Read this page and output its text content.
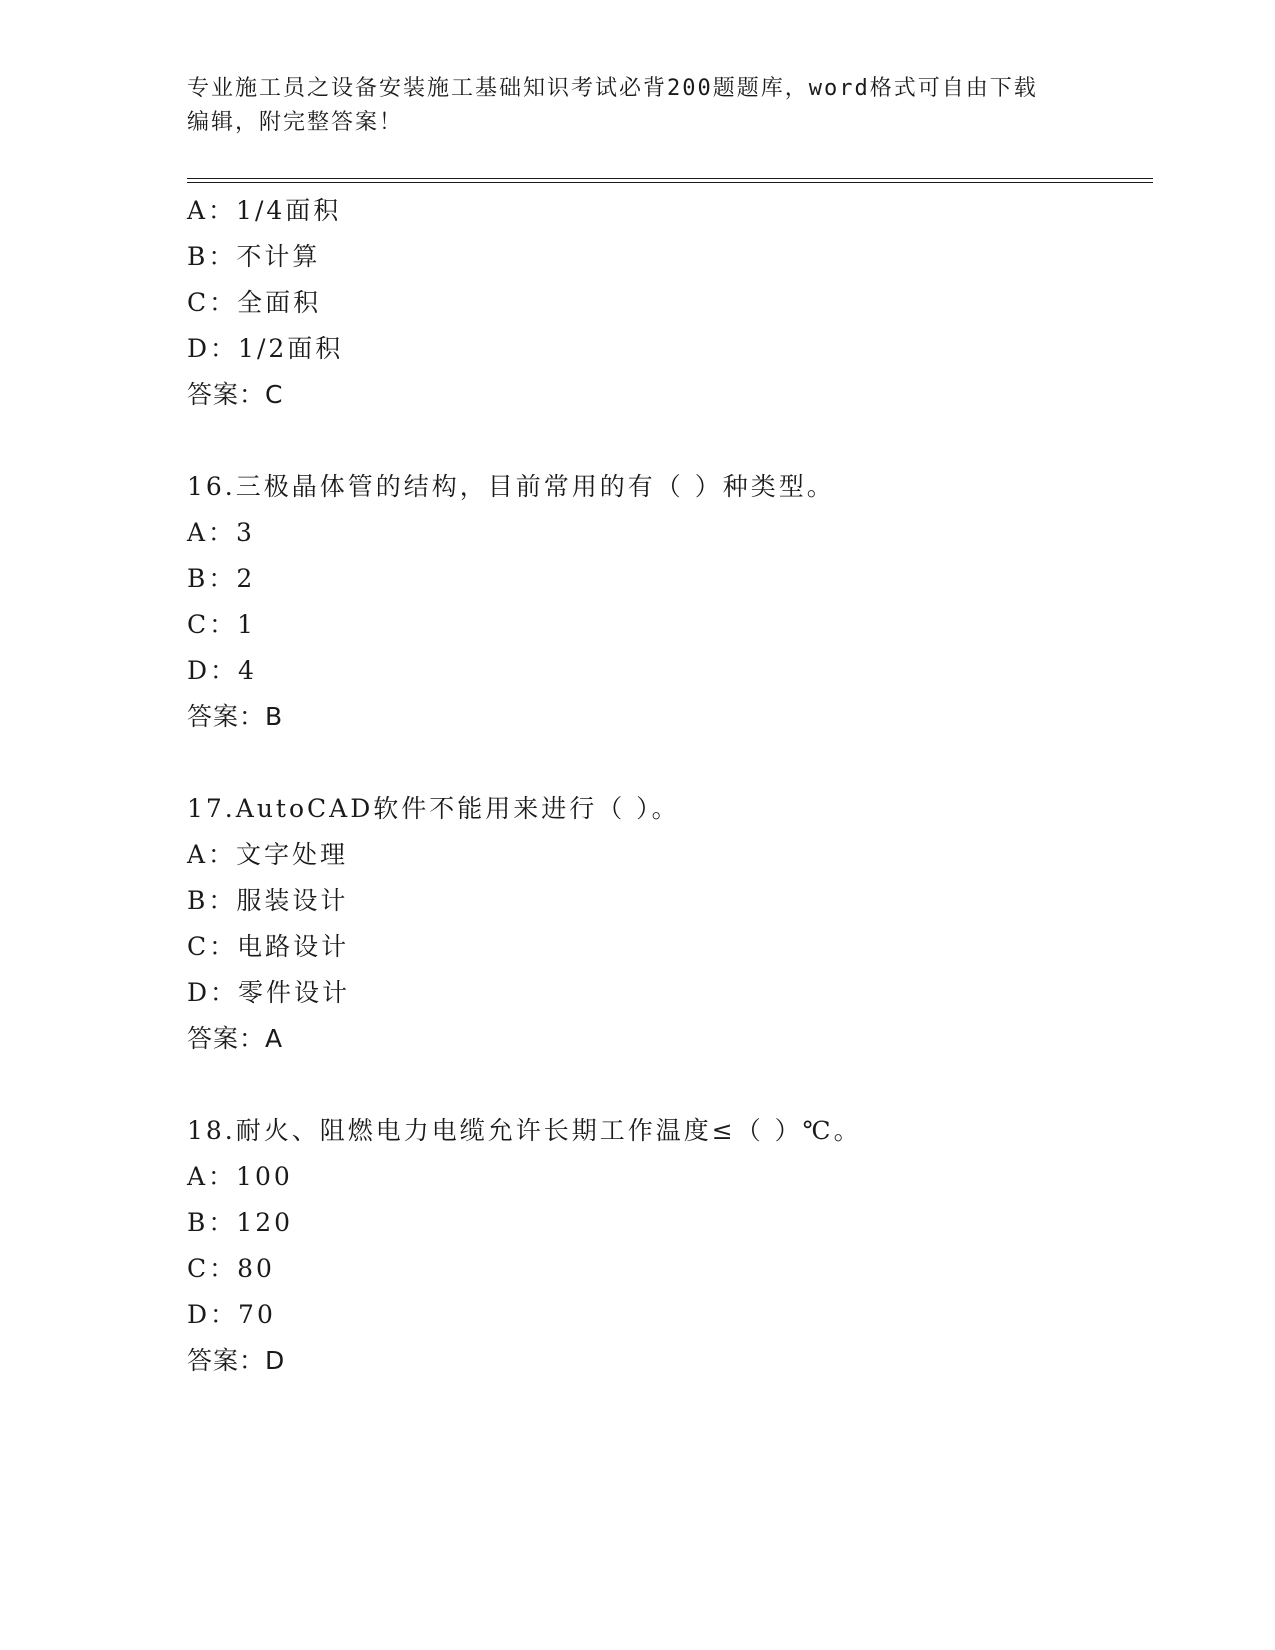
专业施工员之设备安装施工基础知识考试必背200题题库，word格式可自由下载
编辑，附完整答案！
A：1/4面积
B：不计算
C：全面积
D：1/2面积
答案：C
16.三极晶体管的结构，目前常用的有（ ）种类型。
A：3
B：2
C：1
D：4
答案：B
17.AutoCAD软件不能用来进行（ ）。
A：文字处理
B：服装设计
C：电路设计
D：零件设计
答案：A
18.耐火、阻燃电力电缆允许长期工作温度≤（ ）℃。
A：100
B：120
C：80
D：70
答案：D
